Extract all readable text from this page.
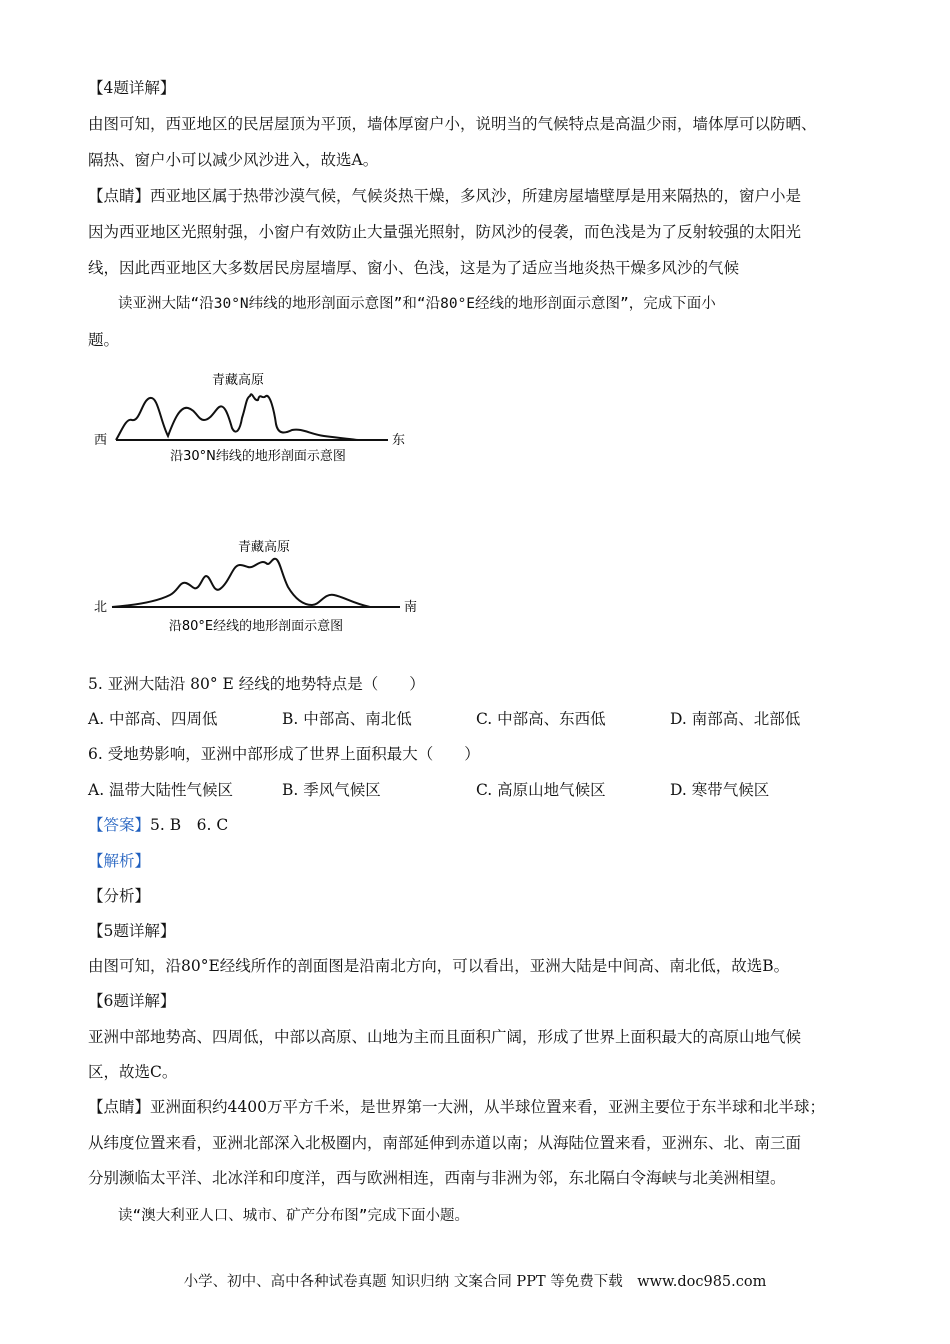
【4题详解】
由图可知，西亚地区的民居屋顶为平顶，墙体厚窗户小，说明当的气候特点是高温少雨，墙体厚可以防晒、
隔热、窗户小可以减少风沙进入，故选A。
【点睛】西亚地区属于热带沙漠气候，气候炎热干燥，多风沙，所建房屋墙壁厚是用来隔热的，窗户小是
因为西亚地区光照射强，小窗户有效防止大量强光照射，防风沙的侵袭，而色浅是为了反射较强的太阳光
线，因此西亚地区大多数居民房屋墙厚、窗小、色浅，这是为了适应当地炎热干燥多风沙的气候
读亚洲大陆“沿30°N纬线的地形剖面示意图”和“沿80°E经线的地形剖面示意图”，完成下面小
题。
青藏高原
西	东
沿30°N纬线的地形剖面示意图
青藏高原
北	南
沿80°E经线的地形剖面示意图
5. 亚洲大陆沿 80° E 经线的地势特点是（　　）
A. 中部高、四周低	B. 中部高、南北低	C. 中部高、东西低	D. 南部高、北部低
6. 受地势影响，亚洲中部形成了世界上面积最大（　　）
A. 温带大陆性气候区	B. 季风气候区	C. 高原山地气候区	D. 寒带气候区
【答案】5. B　6. C
【解析】
【分析】
【5题详解】
由图可知，沿80°E经线所作的剖面图是沿南北方向，可以看出，亚洲大陆是中间高、南北低，故选B。
【6题详解】
亚洲中部地势高、四周低，中部以高原、山地为主而且面积广阔，形成了世界上面积最大的高原山地气候
区，故选C。
【点睛】亚洲面积约4400万平方千米，是世界第一大洲，从半球位置来看，亚洲主要位于东半球和北半球；
从纬度位置来看，亚洲北部深入北极圈内，南部延伸到赤道以南；从海陆位置来看，亚洲东、北、南三面
分别濒临太平洋、北冰洋和印度洋，西与欧洲相连，西南与非洲为邻，东北隔白令海峡与北美洲相望。
读“澳大利亚人口、城市、矿产分布图”完成下面小题。
小学、初中、高中各种试卷真题 知识归纳 文案合同 PPT 等免费下载　www.doc985.com
